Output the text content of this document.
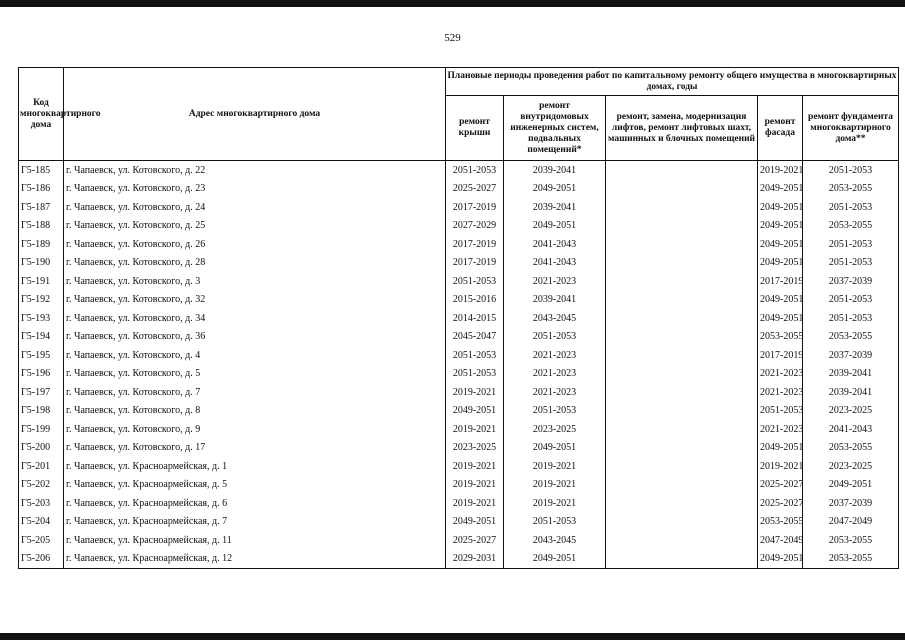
529
Код многоквартирного дома	Адрес многоквартирного дома	Плановые периоды проведения работ по капитальному ремонту общего имущества в многоквартирных домах, годы				
		ремонт крыши	ремонт внутридомовых инженерных систем, подвальных помещений*	ремонт, замена, модернизация лифтов, ремонт лифтовых шахт, машинных и блочных помещений	ремонт фасада	ремонт фундамента многоквартирного дома**
Г5-185	г. Чапаевск, ул. Котовского, д. 22	2051-2053	2039-2041		2019-2021	2051-2053
Г5-186	г. Чапаевск, ул. Котовского, д. 23	2025-2027	2049-2051		2049-2051	2053-2055
Г5-187	г. Чапаевск, ул. Котовского, д. 24	2017-2019	2039-2041		2049-2051	2051-2053
Г5-188	г. Чапаевск, ул. Котовского, д. 25	2027-2029	2049-2051		2049-2051	2053-2055
Г5-189	г. Чапаевск, ул. Котовского, д. 26	2017-2019	2041-2043		2049-2051	2051-2053
Г5-190	г. Чапаевск, ул. Котовского, д. 28	2017-2019	2041-2043		2049-2051	2051-2053
Г5-191	г. Чапаевск, ул. Котовского, д. 3	2051-2053	2021-2023		2017-2019	2037-2039
Г5-192	г. Чапаевск, ул. Котовского, д. 32	2015-2016	2039-2041		2049-2051	2051-2053
Г5-193	г. Чапаевск, ул. Котовского, д. 34	2014-2015	2043-2045		2049-2051	2051-2053
Г5-194	г. Чапаевск, ул. Котовского, д. 36	2045-2047	2051-2053		2053-2055	2053-2055
Г5-195	г. Чапаевск, ул. Котовского, д. 4	2051-2053	2021-2023		2017-2019	2037-2039
Г5-196	г. Чапаевск, ул. Котовского, д. 5	2051-2053	2021-2023		2021-2023	2039-2041
Г5-197	г. Чапаевск, ул. Котовского, д. 7	2019-2021	2021-2023		2021-2023	2039-2041
Г5-198	г. Чапаевск, ул. Котовского, д. 8	2049-2051	2051-2053		2051-2053	2023-2025
Г5-199	г. Чапаевск, ул. Котовского, д. 9	2019-2021	2023-2025		2021-2023	2041-2043
Г5-200	г. Чапаевск, ул. Котовского, д. 17	2023-2025	2049-2051		2049-2051	2053-2055
Г5-201	г. Чапаевск, ул. Красноармейская, д. 1	2019-2021	2019-2021		2019-2021	2023-2025
Г5-202	г. Чапаевск, ул. Красноармейская, д. 5	2019-2021	2019-2021		2025-2027	2049-2051
Г5-203	г. Чапаевск, ул. Красноармейская, д. 6	2019-2021	2019-2021		2025-2027	2037-2039
Г5-204	г. Чапаевск, ул. Красноармейская, д. 7	2049-2051	2051-2053		2053-2055	2047-2049
Г5-205	г. Чапаевск, ул. Красноармейская, д. 11	2025-2027	2043-2045		2047-2049	2053-2055
Г5-206	г. Чапаевск, ул. Красноармейская, д. 12	2029-2031	2049-2051		2049-2051	2053-2055
